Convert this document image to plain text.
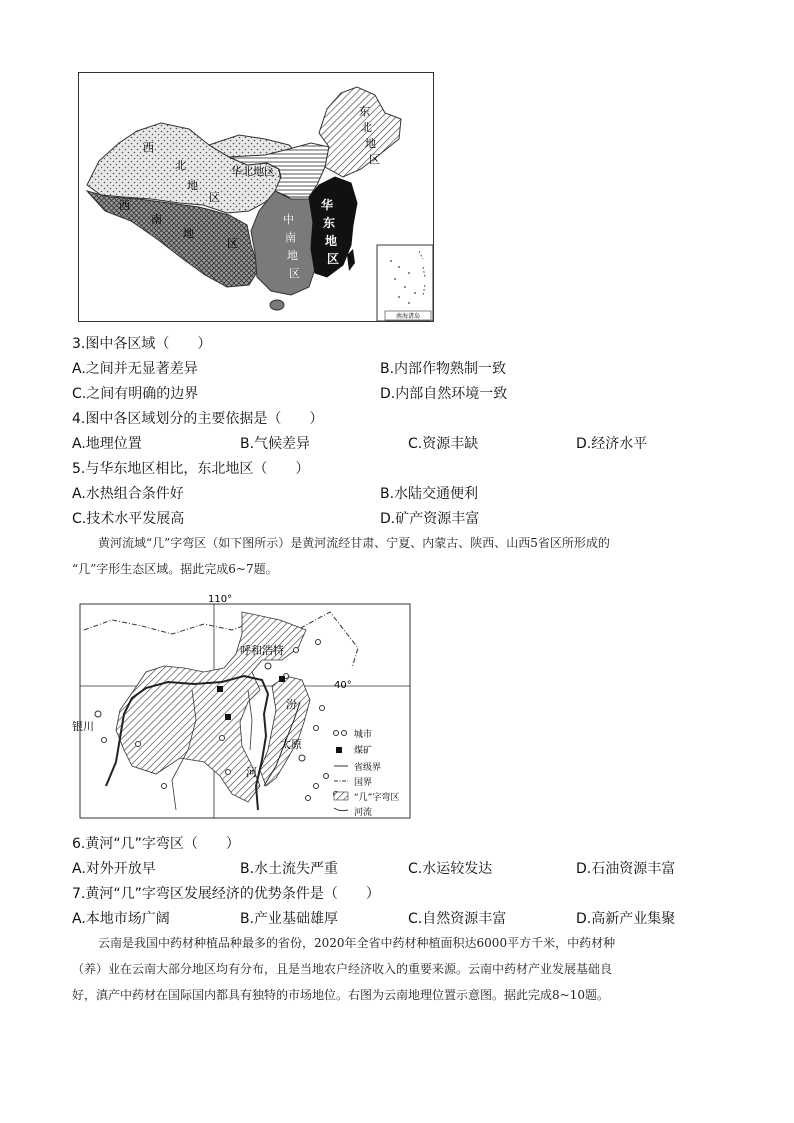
西
北
地
区
华北地区
东
北
地
区
西
南
地
区
中
南
地
区
华
东
地
区
南海诸岛
3.图中各区域（　　）
A.之间并无显著差异	B.内部作物熟制一致
C.之间有明确的边界	D.内部自然环境一致
4.图中各区域划分的主要依据是（　　）
A.地理位置	B.气候差异	C.资源丰缺	D.经济水平
5.与华东地区相比，东北地区（　　）
A.水热组合条件好	B.水陆交通便利
C.技术水平发展高	D.矿产资源丰富
黄河流域“几”字弯区（如下图所示）是黄河流经甘肃、宁夏、内蒙古、陕西、山西5省区所形成的
“几”字形生态区域。据此完成6~7题。
110°
40°
呼和浩特
银川
太原
汾
河
城市
煤矿
省级界
国界
“几”字弯区
河流
6.黄河“几”字弯区（　　）
A.对外开放早	B.水土流失严重	C.水运较发达	D.石油资源丰富
7.黄河“几”字弯区发展经济的优势条件是（　　）
A.本地市场广阔	B.产业基础雄厚	C.自然资源丰富	D.高新产业集聚
云南是我国中药材种植品种最多的省份，2020年全省中药材种植面积达6000平方千米，中药材种
（养）业在云南大部分地区均有分布，且是当地农户经济收入的重要来源。云南中药材产业发展基础良
好，滇产中药材在国际国内都具有独特的市场地位。右图为云南地理位置示意图。据此完成8~10题。
